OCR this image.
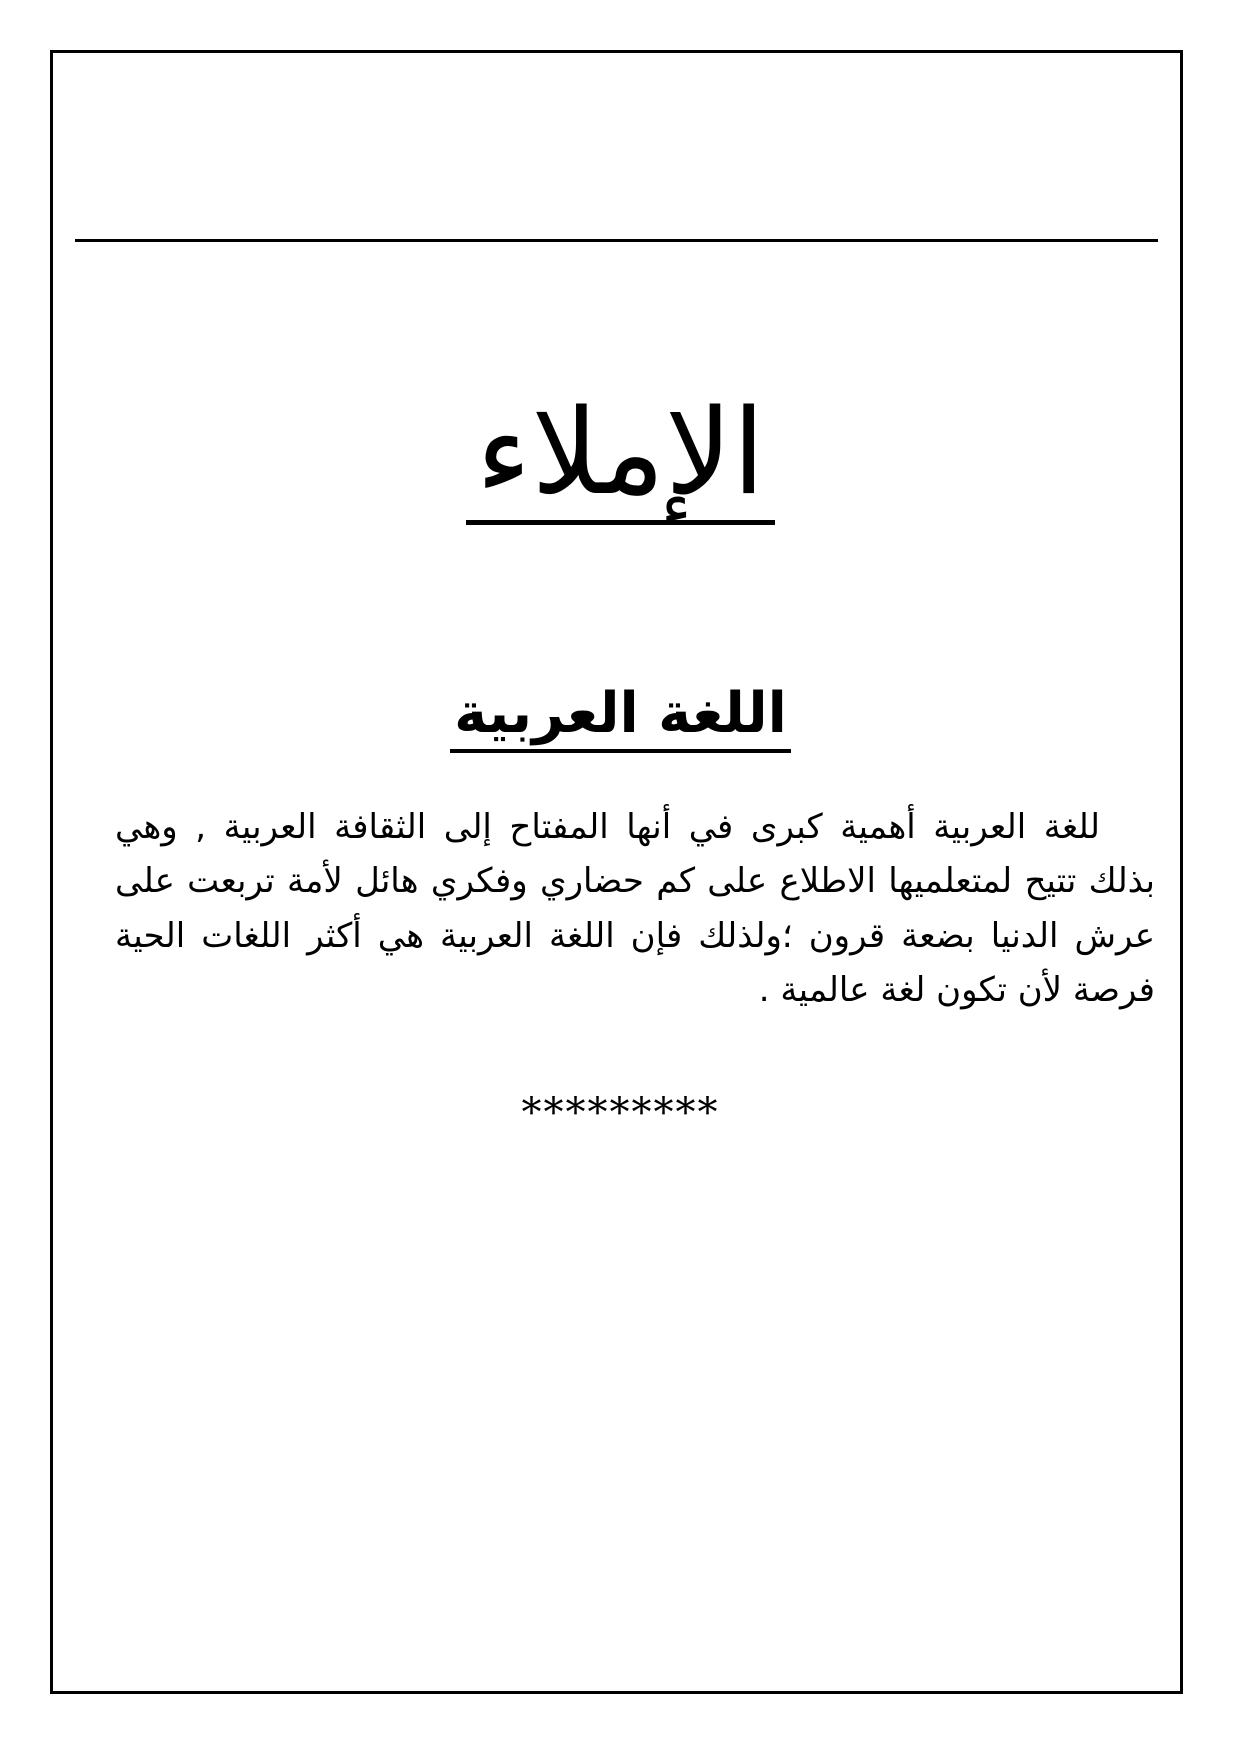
الإملاء
اللغة العربية

للغة العربية أهمية كبرى في أنها المفتاح إلى الثقافة العربية , وهي بذلك تتيح لمتعلميها الاطلاع على كم حضاري وفكري هائل لأمة تربعت على عرش الدنيا بضعة قرون ؛ولذلك فإن اللغة العربية هي أكثر اللغات الحية فرصة لأن تكون لغة عالمية .

*********
